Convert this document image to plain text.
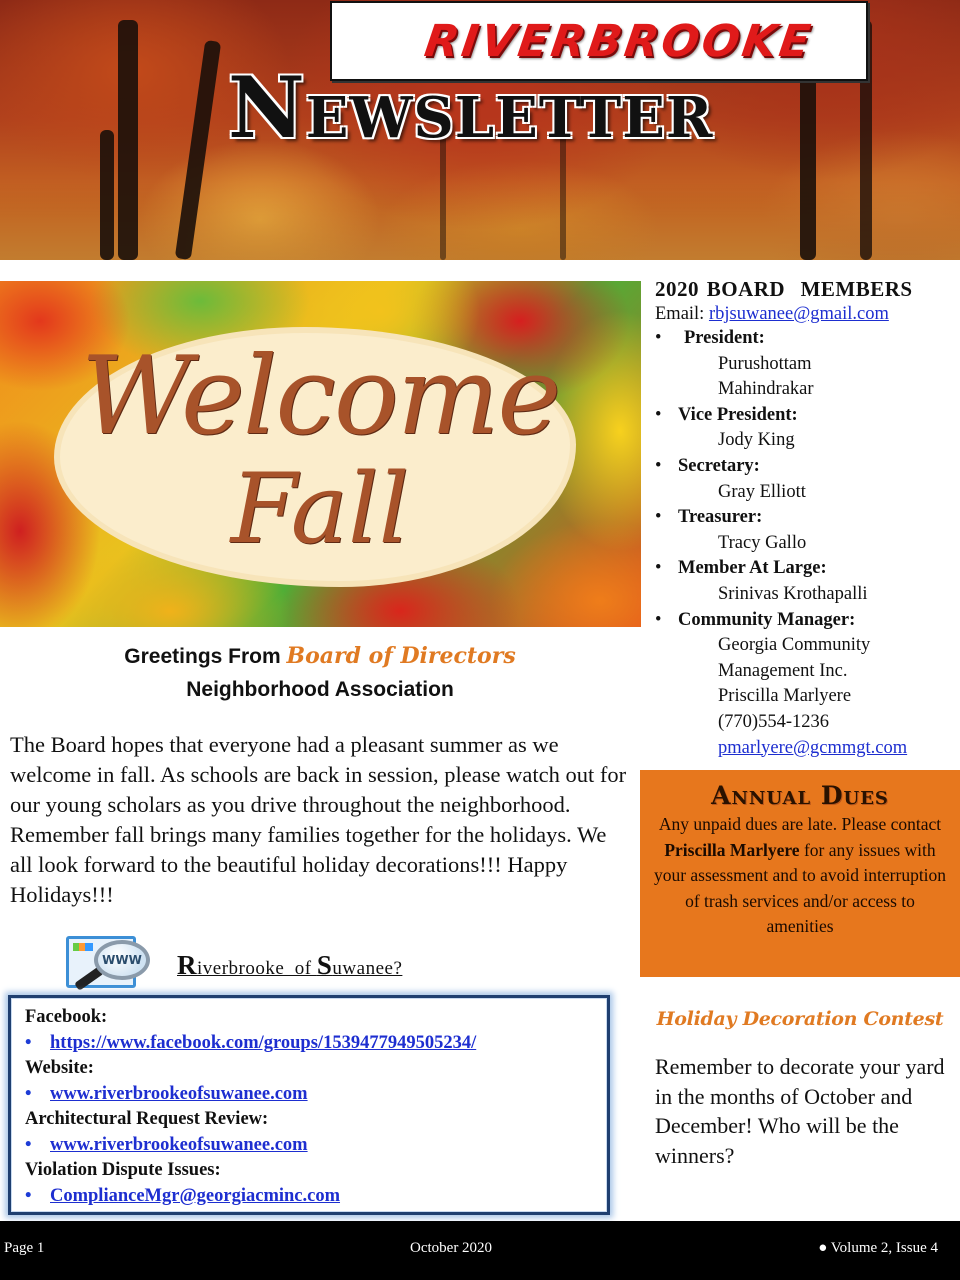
RIVERBROOKE
NEWSLETTER
Welcome
Fall
Greetings From Board of Directors
Neighborhood Association

The Board hopes that everyone had a pleasant summer as we welcome in fall. As schools are back in session, please watch out for our young scholars as you drive throughout the neighborhood. Remember fall brings many families together for the holidays. We all look forward to the beautiful holiday decorations!!! Happy Holidays!!!

WWW	Riverbrooke  of Suwanee?
Facebook:
•	https://www.facebook.com/groups/1539477949505234/
Website:
•	www.riverbrookeofsuwanee.com
Architectural Request Review:
•	www.riverbrookeofsuwanee.com
Violation Dispute Issues:
•	ComplianceMgr@georgiacminc.com
2020 BOARD  MEMBERS
Email: rbjsuwanee@gmail.com
•	President:
Purushottam
Mahindrakar
• Vice President:
Jody King
• Secretary:
Gray Elliott
• Treasurer:
Tracy Gallo
• Member At Large:
Srinivas Krothapalli
• Community Manager:
Georgia Community
Management Inc.
Priscilla Marlyere
(770)554-1236
pmarlyere@gcmmgt.com
Annual Dues
Any unpaid dues are late. Please contact Priscilla Marlyere for any issues with your assessment and to avoid interruption of trash services and/or access to amenities
Holiday Decoration Contest
Remember to decorate your yard in the months of October and December! Who will be the winners?
Page 1	October 2020	● Volume 2, Issue 4
